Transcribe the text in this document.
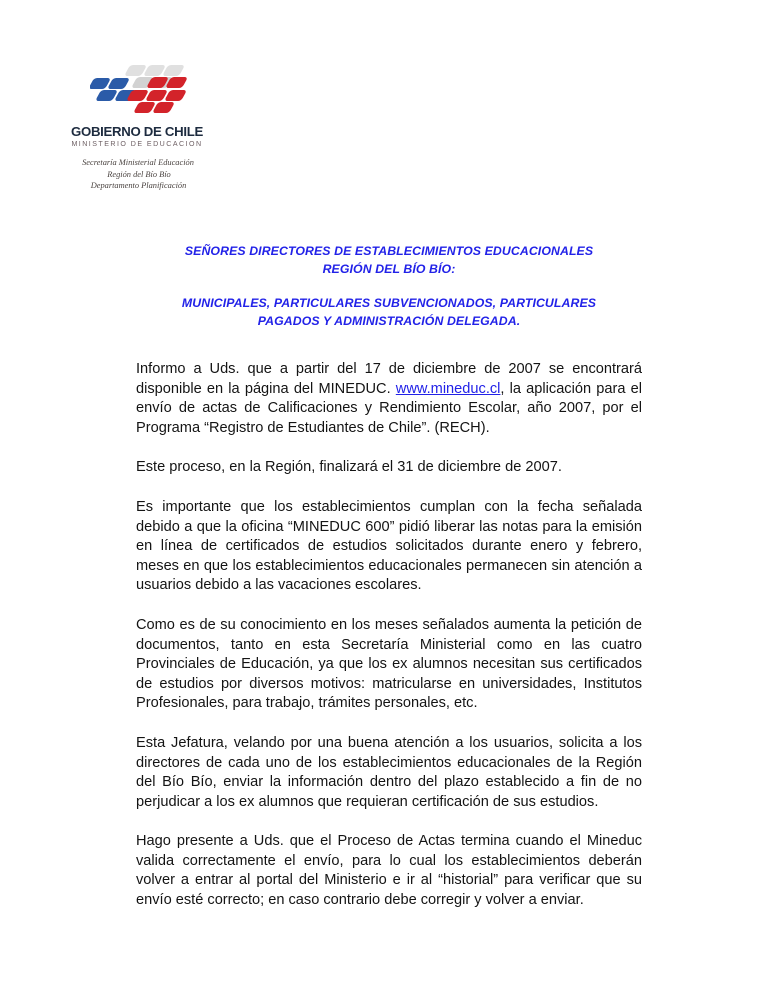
GOBIERNO DE CHILE
MINISTERIO DE EDUCACION
Secretaría Ministerial Educación
Región del Bío Bío
Departamento Planificación
SEÑORES DIRECTORES DE ESTABLECIMIENTOS EDUCACIONALES
REGIÓN DEL BÍO BÍO:
MUNICIPALES, PARTICULARES SUBVENCIONADOS, PARTICULARES
PAGADOS Y ADMINISTRACIÓN DELEGADA.

Informo a Uds. que a partir del 17 de diciembre de 2007 se encontrará disponible en la página del MINEDUC. www.mineduc.cl, la aplicación para el envío de actas de Calificaciones y Rendimiento Escolar, año 2007, por el Programa “Registro de Estudiantes de Chile”. (RECH).

Este proceso, en la Región, finalizará el 31 de diciembre de 2007.

Es importante que los establecimientos cumplan con la fecha señalada debido a que la oficina “MINEDUC 600” pidió liberar las notas para la emisión en línea de certificados de estudios solicitados durante enero y febrero, meses en que los establecimientos educacionales permanecen sin atención a usuarios debido a las vacaciones escolares.

Como es de su conocimiento en los meses señalados aumenta la petición de documentos, tanto en esta Secretaría Ministerial como en las cuatro Provinciales de Educación, ya que los ex alumnos necesitan sus certificados de estudios por diversos motivos: matricularse en universidades, Institutos Profesionales, para trabajo, trámites personales, etc.

Esta Jefatura, velando por una buena atención a los usuarios, solicita a los directores de cada uno de los establecimientos educacionales de la Región del Bío Bío, enviar la información dentro del plazo establecido a fin de no perjudicar a los ex alumnos que requieran certificación de sus estudios.

Hago presente a Uds. que el Proceso de Actas termina cuando el Mineduc valida correctamente el envío, para lo cual los establecimientos deberán volver a entrar al portal del Ministerio e ir al “historial” para verificar que su envío esté correcto; en caso contrario debe corregir y volver a enviar.
